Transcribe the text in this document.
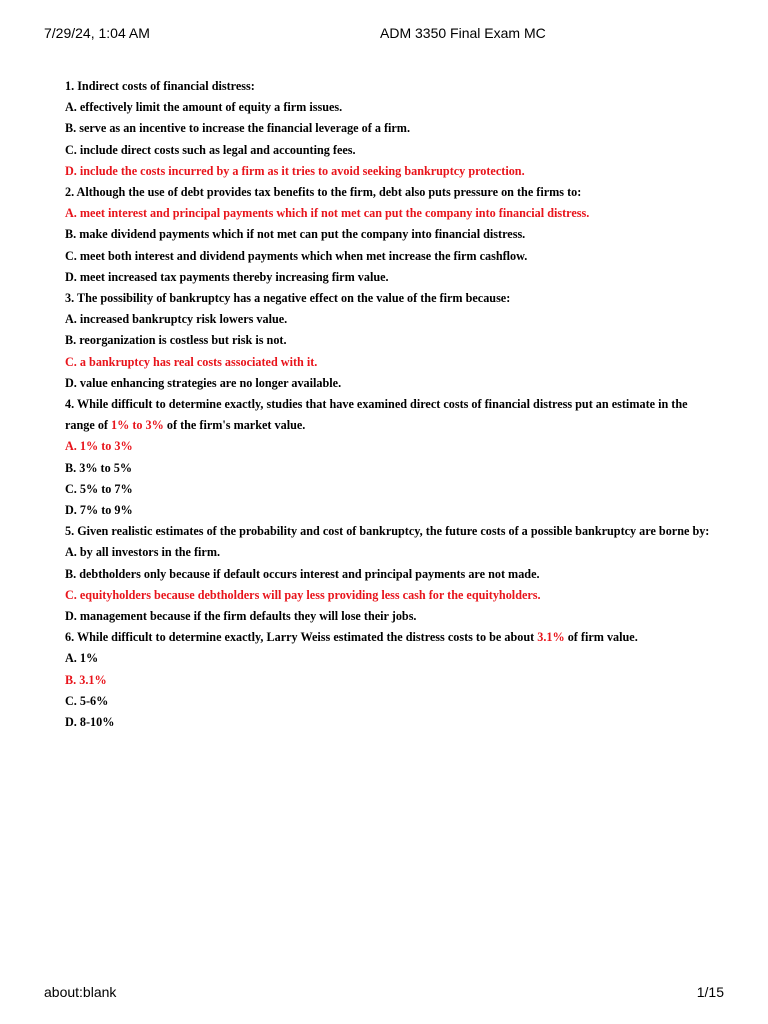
7/29/24, 1:04 AM	ADM 3350 Final Exam MC
1. Indirect costs of financial distress:
A. effectively limit the amount of equity a firm issues.
B. serve as an incentive to increase the financial leverage of a firm.
C. include direct costs such as legal and accounting fees.
D. include the costs incurred by a firm as it tries to avoid seeking bankruptcy protection.
2. Although the use of debt provides tax benefits to the firm, debt also puts pressure on the firms to:
A. meet interest and principal payments which if not met can put the company into financial distress.
B. make dividend payments which if not met can put the company into financial distress.
C. meet both interest and dividend payments which when met increase the firm cashflow.
D. meet increased tax payments thereby increasing firm value.
3. The possibility of bankruptcy has a negative effect on the value of the firm because:
A. increased bankruptcy risk lowers value.
B. reorganization is costless but risk is not.
C. a bankruptcy has real costs associated with it.
D. value enhancing strategies are no longer available.
4. While difficult to determine exactly, studies that have examined direct costs of financial distress put an estimate in the range of 1% to 3% of the firm's market value.
A. 1% to 3%
B. 3% to 5%
C. 5% to 7%
D. 7% to 9%
5. Given realistic estimates of the probability and cost of bankruptcy, the future costs of a possible bankruptcy are borne by:
A. by all investors in the firm.
B. debtholders only because if default occurs interest and principal payments are not made.
C. equityholders because debtholders will pay less providing less cash for the equityholders.
D. management because if the firm defaults they will lose their jobs.
6. While difficult to determine exactly, Larry Weiss estimated the distress costs to be about 3.1% of firm value.
A. 1%
B. 3.1%
C. 5-6%
D. 8-10%
about:blank	1/15
